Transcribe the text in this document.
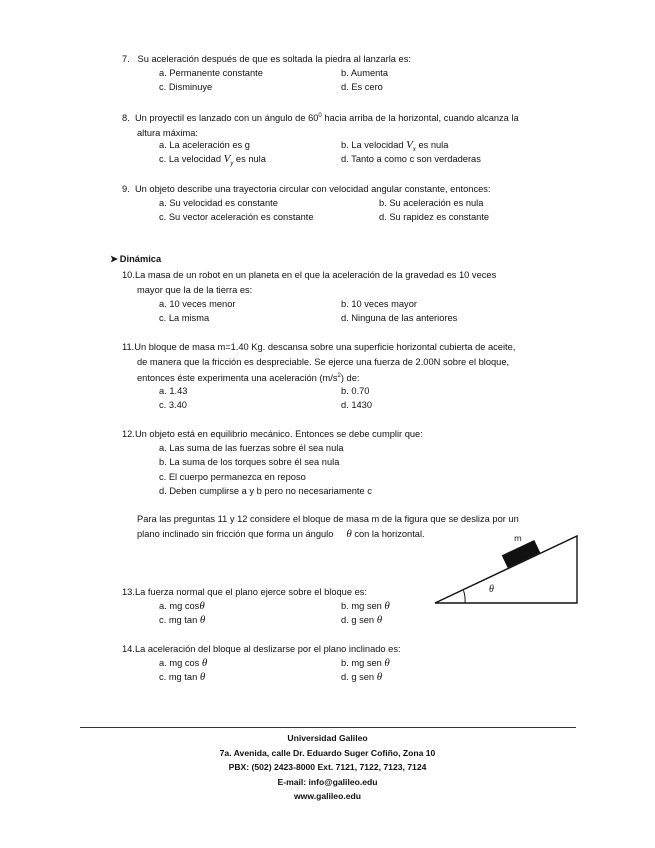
7. Su aceleración después de que es soltada la piedra al lanzarla es:
a. Permanente constante	b. Aumenta
c. Disminuye	d. Es cero
8. Un proyectil es lanzado con un ángulo de $60^0$ hacia arriba de la horizontal, cuando alcanza la
altura máxima:
a. La aceleración es g	b. La velocidad $V_x$ es nula
c. La velocidad $V_y$ es nula	d. Tanto a como c son verdaderas
9. Un objeto describe una trayectoria circular con velocidad angular constante, entonces:
a. Su velocidad es constante	b. Su aceleración es nula
c. Su vector aceleración es constante	d. Su rapidez es constante
➤ Dinámica
10.La masa de un robot en un planeta en el que la aceleración de la gravedad es 10 veces
mayor que la de la tierra es:
a. 10 veces menor	b. 10 veces mayor
c. La misma	d. Ninguna de las anteriores
11.Un bloque de masa m=1.40 Kg. descansa sobre una superficie horizontal cubierta de aceite,
de manera que la fricción es despreciable. Se ejerce una fuerza de 2.00N sobre el bloque,
entonces éste experimenta una aceleración $(m/s^2)$ de:
a. 1.43	b. 0.70
c. 3.40	d. 1430
12.Un objeto está en equilibrio mecánico. Entonces se debe cumplir que:
a. Las suma de las fuerzas sobre él sea nula
b. La suma de los torques sobre él sea nula
c. El cuerpo permanezca en reposo
d. Deben cumplirse a y b pero no necesariamente c
Para las preguntas 11 y 12 considere el bloque de masa m de la figura que se desliza por un
plano inclinado sin fricción que forma un ángulo θ con la horizontal.	m
θ
13.La fuerza normal que el plano ejerce sobre el bloque es:
a. mg cosθ	b. mg sen θ
c. mg tan θ	d. g sen θ
14.La aceleración del bloque al deslizarse por el plano inclinado es:
a. mg cos θ	b. mg sen θ
c. mg tan θ	d. g sen θ
Universidad Galileo
7a. Avenida, calle Dr. Eduardo Suger Cofiño, Zona 10
PBX: (502) 2423-8000 Ext. 7121, 7122, 7123, 7124
E-mail: info@galileo.edu
www.galileo.edu
